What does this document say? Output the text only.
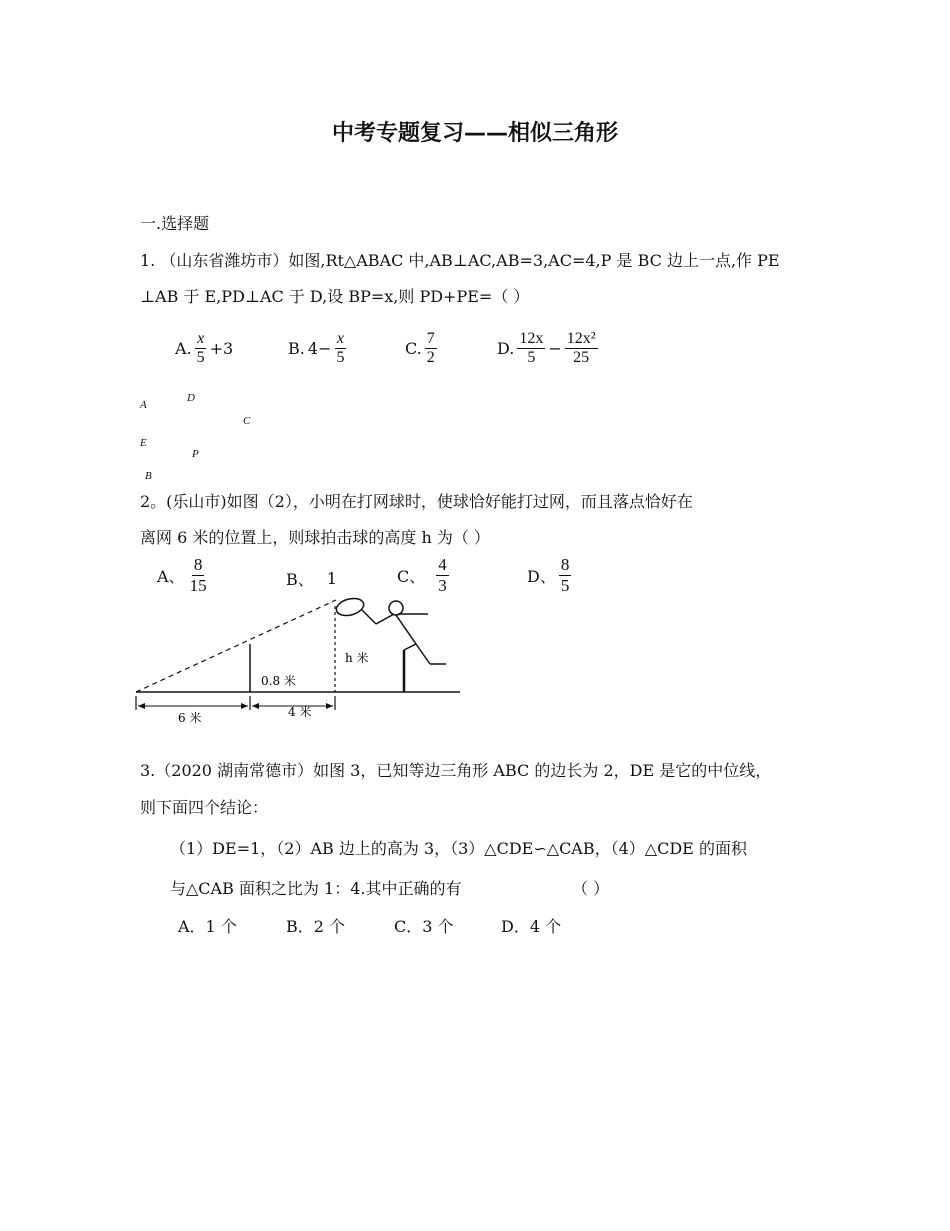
中考专题复习——相似三角形
一.选择题
1. （山东省潍坊市）如图,Rt△ABAC 中,AB⊥AC,AB=3,AC=4,P 是 BC 边上一点,作 PE
⊥AB 于 E,PD⊥AC 于 D,设 BP=x,则 PD+PE=（ ）
A. $\frac{x}{5} +3$	B. $4- \frac{x}{5}$	C. $\frac{7}{2}$	D. $\frac{12x}{5} - \frac{\text{12x²}}{25}$
A
D
C
E
P
B
2。(乐山市)如图（2），小明在打网球时，使球恰好能打过网，而且落点恰好在
离网 6 米的位置上，则球拍击球的高度 h 为（ ）
A、 $\frac{8}{15}$	B、 1	C、 $\frac{4}{3}$	D、 $\frac{8}{5}$
0.8 米
h 米
6 米	4 米
3.（2020 湖南常德市）如图 3，已知等边三角形 ABC 的边长为 2，DE 是它的中位线，
则下面四个结论：
（1）DE=1，（2）AB 边上的高为 3，（3）△CDE∽△CAB，（4）△CDE 的面积
与△CAB 面积之比为 1：4.其中正确的有	（ ）
A．1 个	B．2 个	C．3 个	D．4 个
